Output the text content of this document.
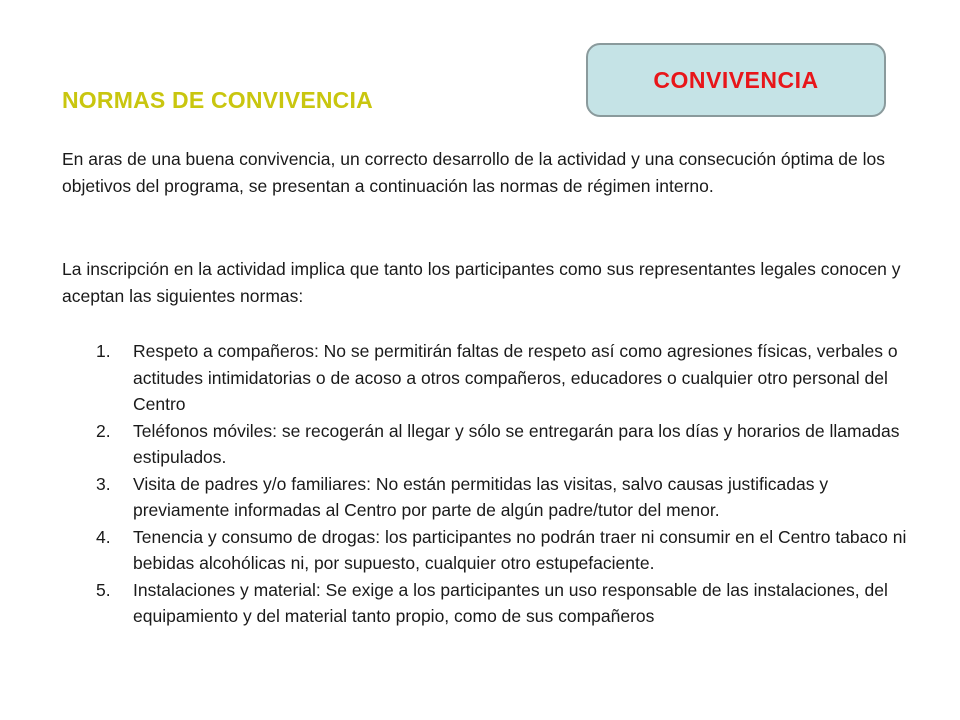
CONVIVENCIA
NORMAS DE CONVIVENCIA

En aras de una buena convivencia, un correcto desarrollo de la actividad y una consecución óptima de los objetivos del programa, se presentan a continuación las normas de régimen interno.

La inscripción en la actividad implica que tanto los participantes como sus representantes legales conocen y aceptan las siguientes normas:

1. Respeto a compañeros: No se permitirán faltas de respeto así como agresiones físicas, verbales o actitudes intimidatorias o de acoso a otros compañeros, educadores o cualquier otro personal del Centro
2. Teléfonos móviles: se recogerán al llegar y sólo se entregarán para los días y horarios de llamadas estipulados.
3. Visita de padres y/o familiares: No están permitidas las visitas, salvo causas justificadas y previamente informadas al Centro por parte de algún padre/tutor del menor.
4. Tenencia y consumo de drogas: los participantes no podrán traer ni consumir en el Centro tabaco ni bebidas alcohólicas ni, por supuesto, cualquier otro estupefaciente.
5. Instalaciones y material: Se exige a los participantes un uso responsable de las instalaciones, del equipamiento y del material tanto propio, como de sus compañeros
